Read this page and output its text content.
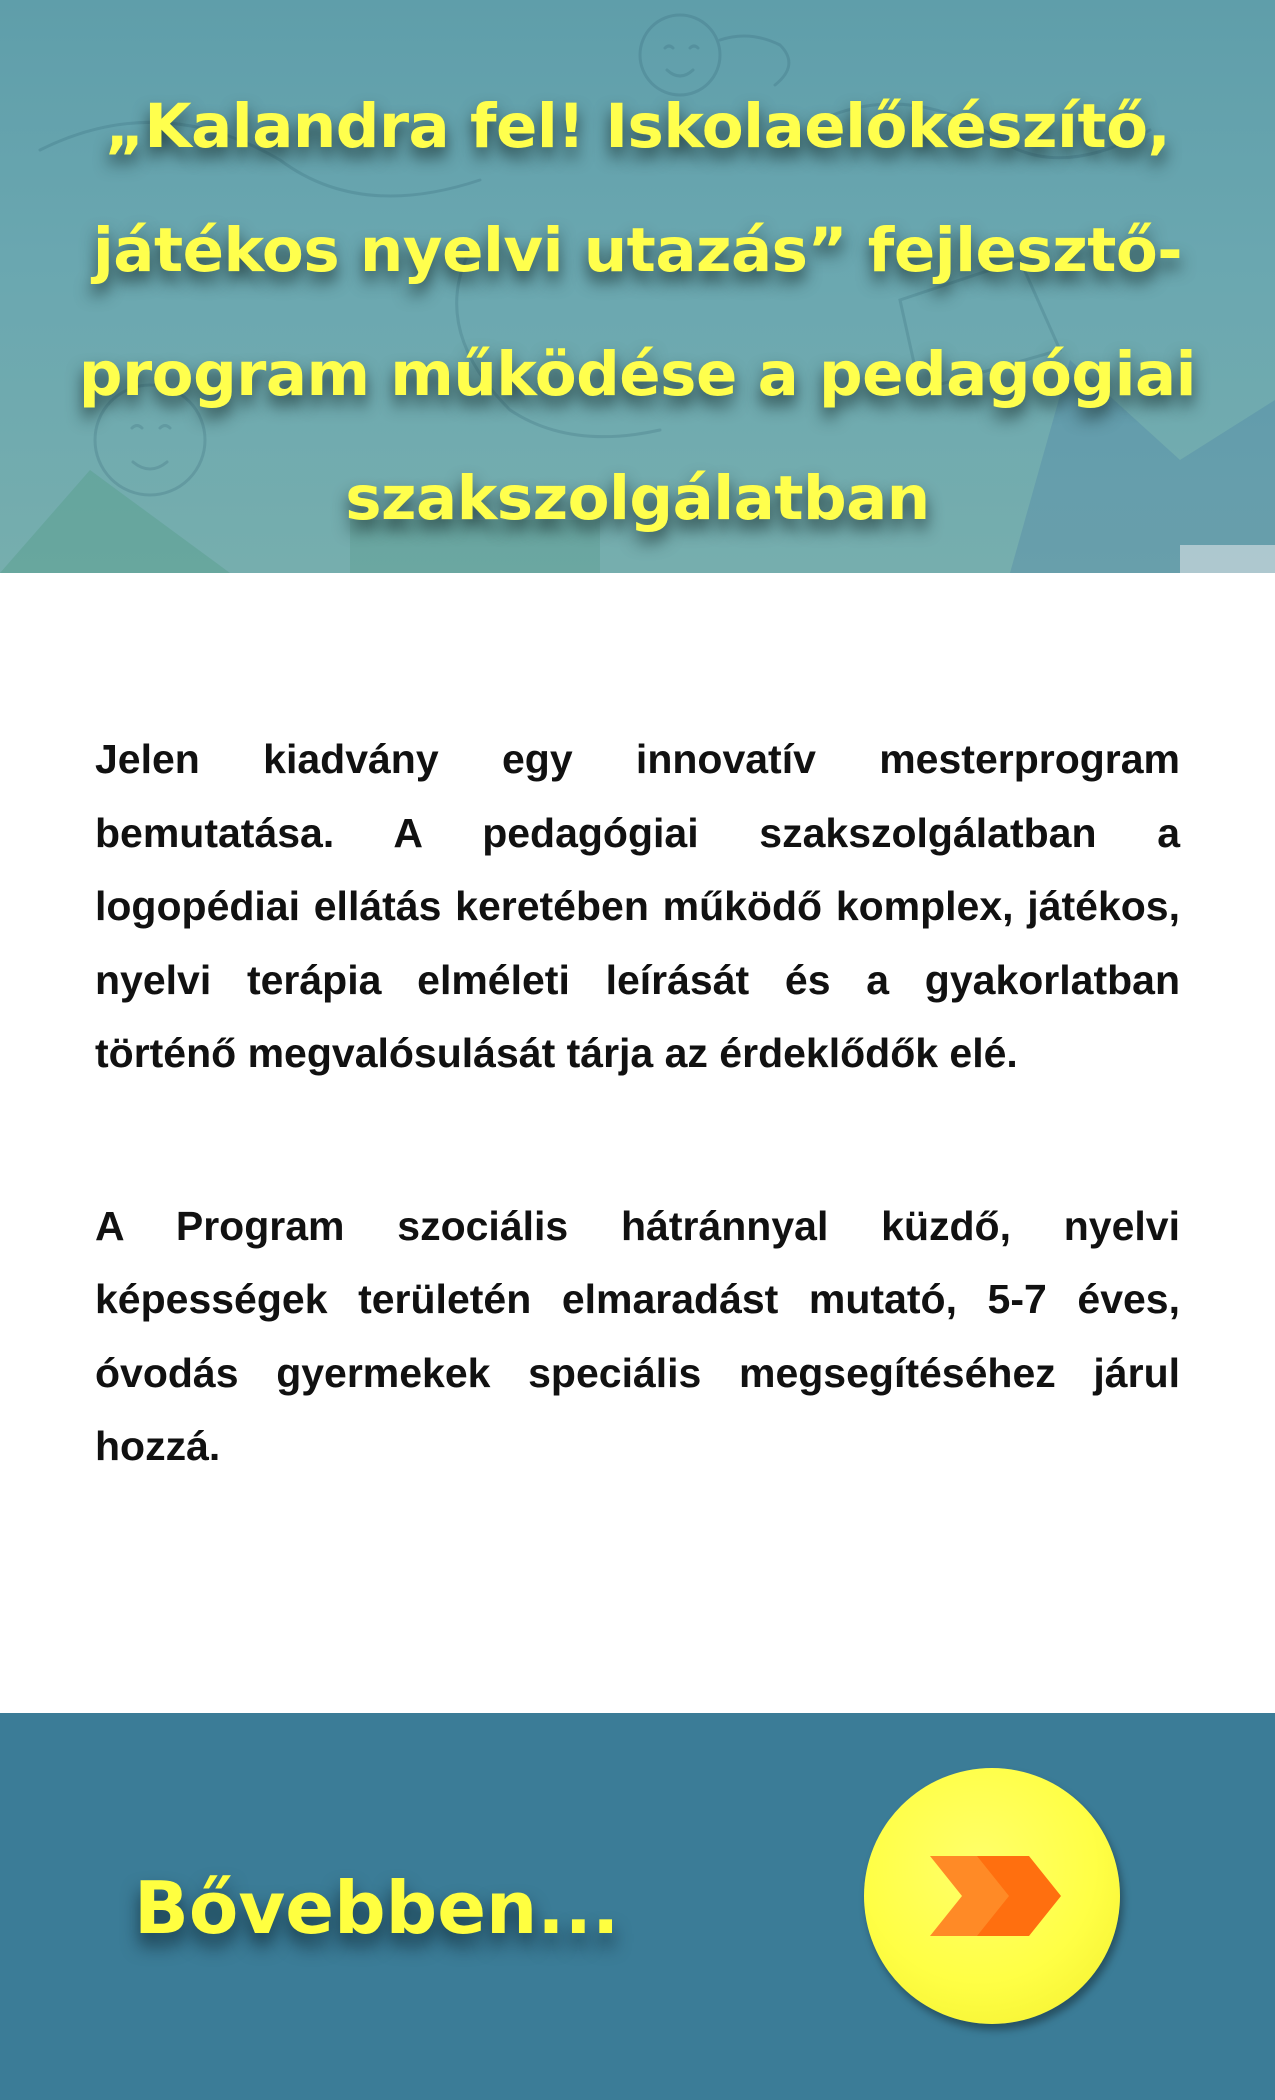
„Kalandra fel! Iskolaelőkészítő, játékos nyelvi utazás” fejlesztő-program működése a pedagógiai szakszolgálatban

Jelen kiadvány egy innovatív mesterprogram bemutatása. A pedagógiai szakszolgálatban a logopédiai ellátás keretében működő komplex, játékos, nyelvi terápia elméleti leírását és a gyakorlatban történő megvalósulását tárja az érdeklődők elé.

A Program szociális hátránnyal küzdő, nyelvi képességek területén elmaradást mutató, 5-7 éves, óvodás gyermekek speciális megsegítéséhez járul hozzá.

Bővebben...
